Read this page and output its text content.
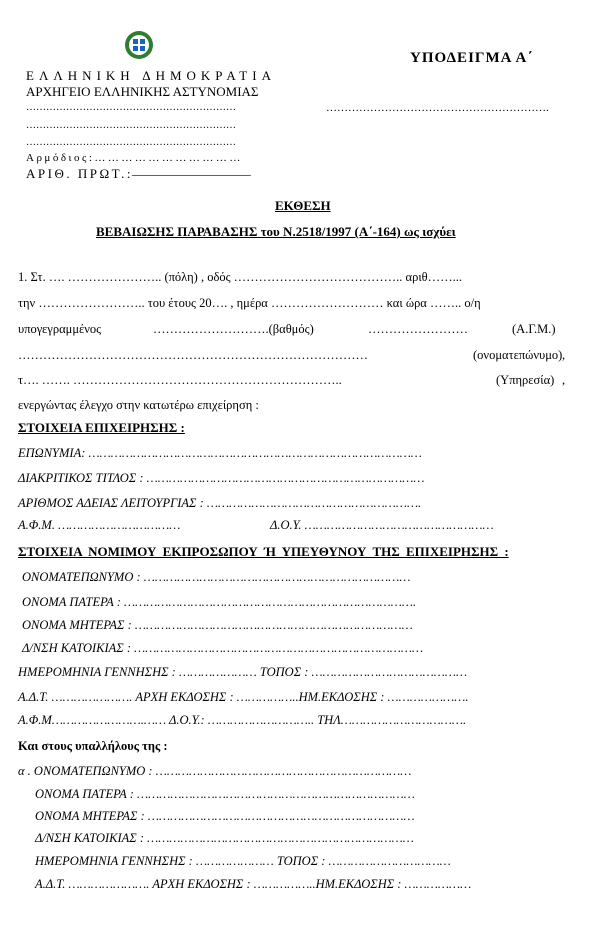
ΥΠΟΔΕΙΓΜΑ Α΄
ΕΛΛΗΝΙΚΗ ΔΗΜΟΚΡΑΤΙΑ
ΑΡΧΗΓΕΙΟ ΕΛΛΗΝΙΚΗΣ ΑΣΤΥΝΟΜΙΑΣ
………………………………………………………
………………………………………………………
………………………………………………………
…………………………………………………….
Αρμόδιος:……………………………
ΑΡΙΘ. ΠΡΩΤ.: ___________________
ΕΚΘΕΣΗ
ΒΕΒΑΙΩΣΗΣ ΠΑΡΑΒΑΣΗΣ του Ν.2518/1997 (Α΄-164) ως ισχύει
1. Στ. …. ………………….. (πόλη) , οδός ………………………………….. αριθ……...
την …………………….. του έτους 20…. , ημέρα ……………………… και ώρα …….. ο/η
υπογεγραμμένος	……………………….(βαθμός)	……………………	(Α.Γ.Μ.)
…………………………………………………………………………	(ονοματεπώνυμο) ,
τ…. ……. ………………………………………………………..	(Υπηρεσία) ,
ενεργώντας έλεγχο στην κατωτέρω επιχείρηση :
ΣΤΟΙΧΕΙΑ ΕΠΙΧΕΙΡΗΣΗΣ :
ΕΠΩΝΥΜΙΑ: ………………………………………………………………………………
ΔΙΑΚΡΙΤΙΚΟΣ ΤΙΤΛΟΣ : …………………………………………………………………
ΑΡΙΘΜΟΣ ΑΔΕΙΑΣ ΛΕΙΤΟΥΡΓΙΑΣ : ………………………………………………….
Α.Φ.Μ. ……………………………	Δ.Ο.Υ. ……………………………………………
ΣΤΟΙΧΕΙΑ ΝΟΜΙΜΟΥ ΕΚΠΡΟΣΩΠΟΥ Ή ΥΠΕΥΘΥΝΟΥ ΤΗΣ ΕΠΙΧΕΙΡΗΣΗΣ :
ΟΝΟΜΑΤΕΠΩΝΥΜΟ : ………………………………………………………………
ΟΝΟΜΑ ΠΑΤΕΡΑ : …………………………………………………………………….
ΟΝΟΜΑ ΜΗΤΕΡΑΣ : …………………………………………………………………
Δ/ΝΣΗ ΚΑΤΟΙΚΙΑΣ : ……………………………………………………………………
ΗΜΕΡΟΜΗΝΙΑ ΓΕΝΝΗΣΗΣ : ………………… ΤΟΠΟΣ : ……………………………………
Α.Δ.Τ. …………………. ΑΡΧΗ ΕΚΔΟΣΗΣ : ……………..ΗΜ.ΕΚΔΟΣΗΣ : ………………….
Α.Φ.Μ…………………….…… Δ.Ο.Υ.: ……………………….. ΤΗΛ…………………………….
Και στους υπαλλήλους της :
α . ΟΝΟΜΑΤΕΠΩΝΥΜΟ : ……………………………………………………………
ΟΝΟΜΑ ΠΑΤΕΡΑ : …………………………………………………………………
ΟΝΟΜΑ ΜΗΤΕΡΑΣ : ………………………………………………………………
Δ/ΝΣΗ ΚΑΤΟΙΚΙΑΣ : ………………………………………………………………
ΗΜΕΡΟΜΗΝΙΑ ΓΕΝΝΗΣΗΣ : ………………… ΤΟΠΟΣ : ……………………………
Α.Δ.Τ. …………………. ΑΡΧΗ ΕΚΔΟΣΗΣ : ……………..ΗΜ.ΕΚΔΟΣΗΣ : ………………
